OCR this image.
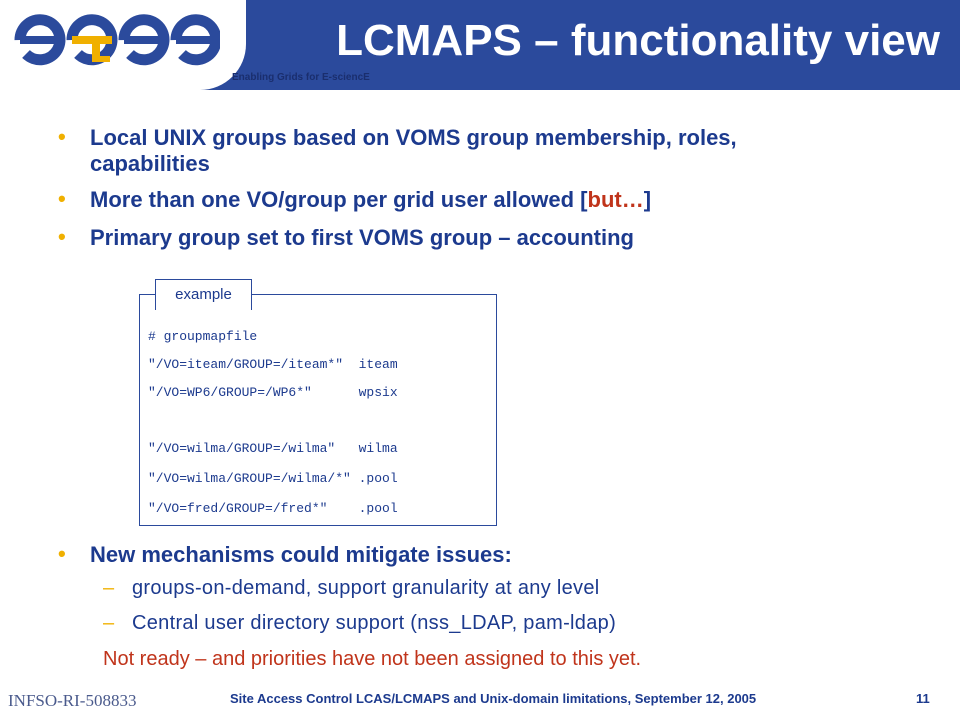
Enabling Grids for E-sciencE
LCMAPS – functionality view
• Local UNIX groups based on VOMS group membership, roles,
capabilities
• More than one VO/group per grid user allowed [but…]
• Primary group set to first VOMS group – accounting
example
# groupmapfile
"/VO=iteam/GROUP=/iteam*"  iteam
"/VO=WP6/GROUP=/WP6*"      wpsix
"/VO=wilma/GROUP=/wilma"   wilma
"/VO=wilma/GROUP=/wilma/*" .pool
"/VO=fred/GROUP=/fred*"    .pool
• New mechanisms could mitigate issues:
– groups-on-demand, support granularity at any level
– Central user directory support (nss_LDAP, pam-ldap)
Not ready – and priorities have not been assigned to this yet.
INFSO-RI-508833	Site Access Control LCAS/LCMAPS and Unix-domain limitations, September 12, 2005	11
